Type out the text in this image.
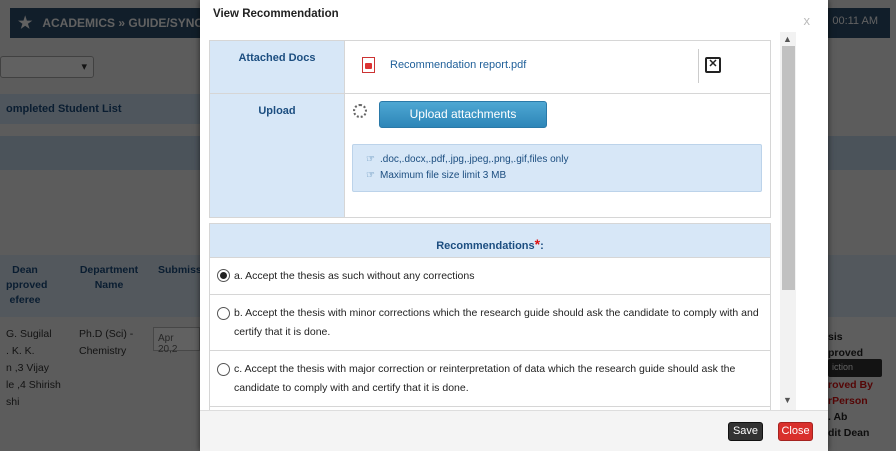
▾
View Recommendation	x
Attached Docs	Recommendation report.pdf ✕

Upload	Upload attachments
☞ .doc,.docx,.pdf,.jpg,.jpeg,.png,.gif,files only
☞ Maximum file size limit 3 MB
Recommendations*:
a. Accept the thesis as such without any corrections
b. Accept the thesis with minor corrections which the research guide should ask the candidate to comply with and certify that it is done.
c. Accept the thesis with major correction or reinterpretation of data which the research guide should ask the candidate to comply with and certify that it is done.
▲
▼
Save	Close
